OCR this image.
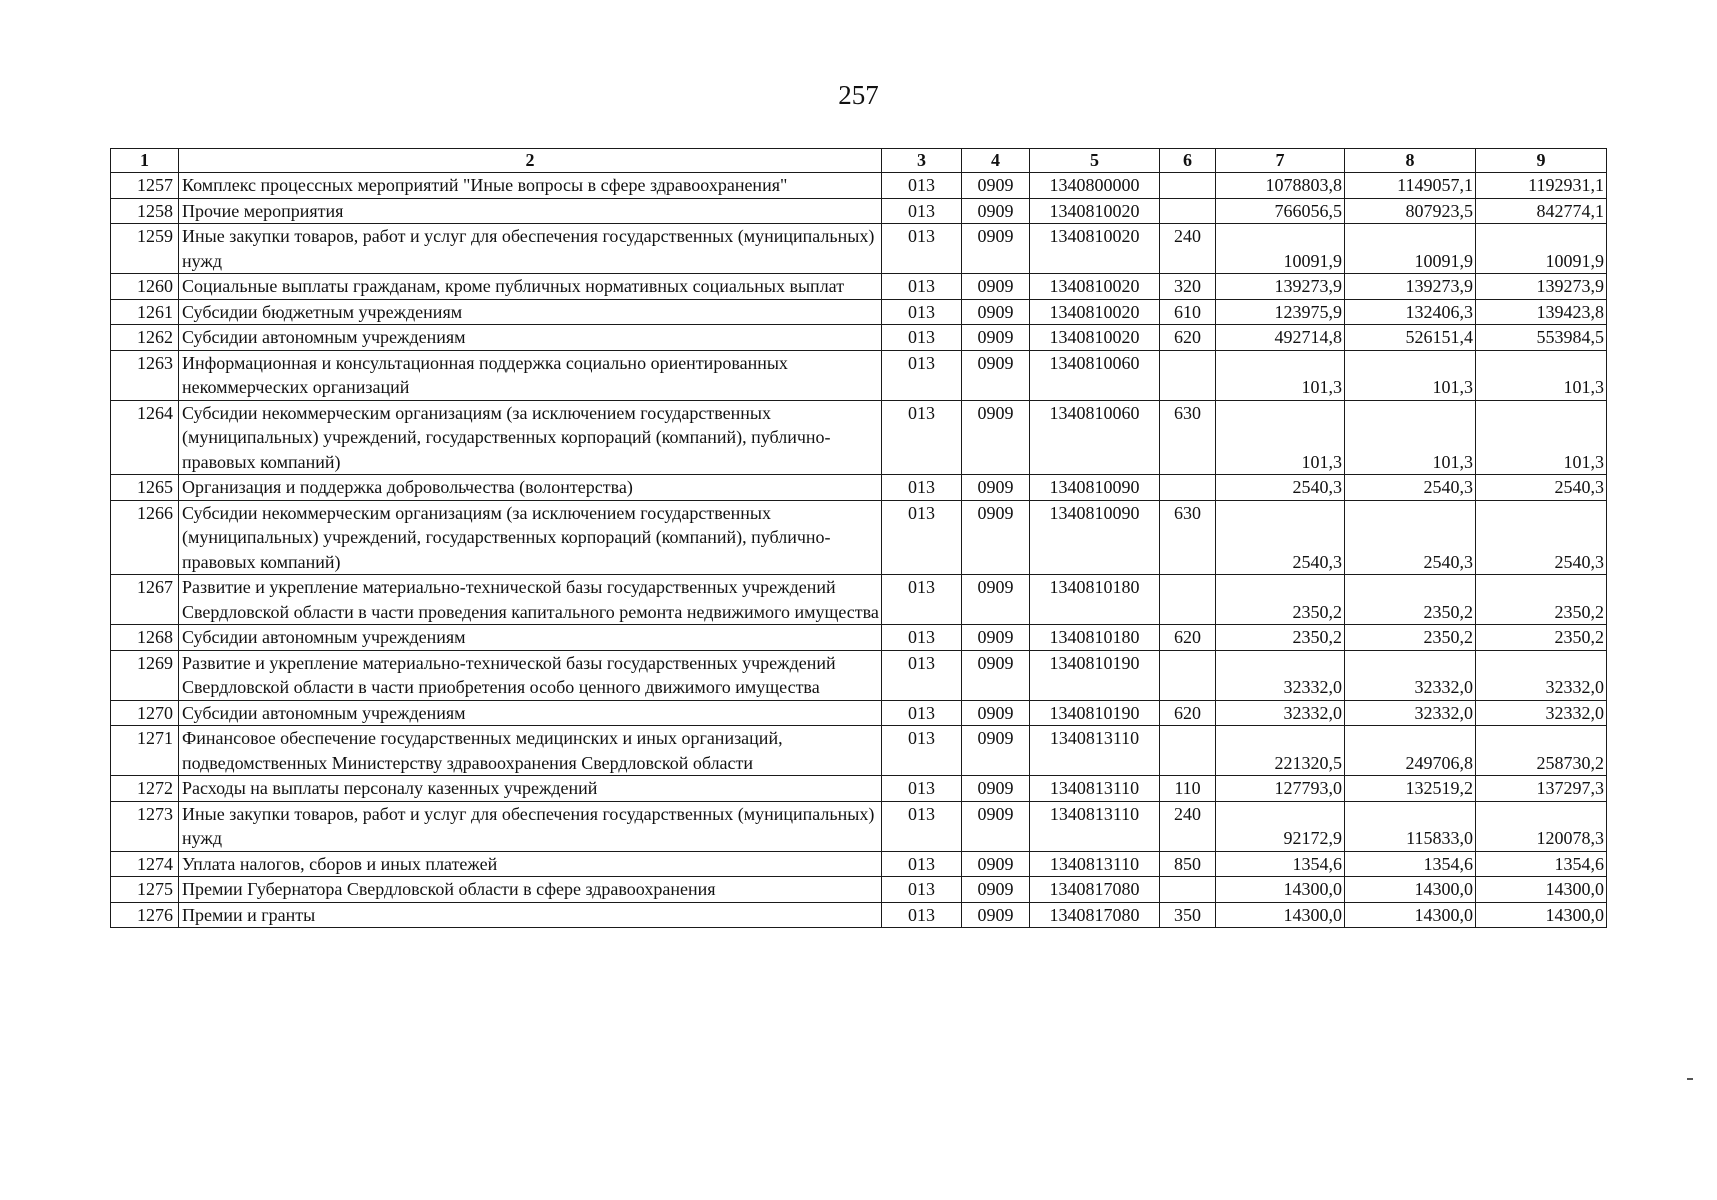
257
1	2	3	4	5	6	7	8	9
1257	Комплекс процессных мероприятий "Иные вопросы в сфере здравоохранения"	013	0909	1340800000		1078803,8	1149057,1	1192931,1
1258	Прочие мероприятия	013	0909	1340810020		766056,5	807923,5	842774,1
1259	Иные закупки товаров, работ и услуг для обеспечения государственных (муниципальных) нужд	013	0909	1340810020	240	10091,9	10091,9	10091,9
1260	Социальные выплаты гражданам, кроме публичных нормативных социальных выплат	013	0909	1340810020	320	139273,9	139273,9	139273,9
1261	Субсидии бюджетным учреждениям	013	0909	1340810020	610	123975,9	132406,3	139423,8
1262	Субсидии автономным учреждениям	013	0909	1340810020	620	492714,8	526151,4	553984,5
1263	Информационная и консультационная поддержка социально ориентированных некоммерческих организаций	013	0909	1340810060		101,3	101,3	101,3
1264	Субсидии некоммерческим организациям (за исключением государственных (муниципальных) учреждений, государственных корпораций (компаний), публично-правовых компаний)	013	0909	1340810060	630	101,3	101,3	101,3
1265	Организация и поддержка добровольчества (волонтерства)	013	0909	1340810090		2540,3	2540,3	2540,3
1266	Субсидии некоммерческим организациям (за исключением государственных (муниципальных) учреждений, государственных корпораций (компаний), публично-правовых компаний)	013	0909	1340810090	630	2540,3	2540,3	2540,3
1267	Развитие и укрепление материально-технической базы государственных учреждений Свердловской области в части проведения капитального ремонта недвижимого имущества	013	0909	1340810180		2350,2	2350,2	2350,2
1268	Субсидии автономным учреждениям	013	0909	1340810180	620	2350,2	2350,2	2350,2
1269	Развитие и укрепление материально-технической базы государственных учреждений Свердловской области в части приобретения особо ценного движимого имущества	013	0909	1340810190		32332,0	32332,0	32332,0
1270	Субсидии автономным учреждениям	013	0909	1340810190	620	32332,0	32332,0	32332,0
1271	Финансовое обеспечение государственных медицинских и иных организаций, подведомственных Министерству здравоохранения Свердловской области	013	0909	1340813110		221320,5	249706,8	258730,2
1272	Расходы на выплаты персоналу казенных учреждений	013	0909	1340813110	110	127793,0	132519,2	137297,3
1273	Иные закупки товаров, работ и услуг для обеспечения государственных (муниципальных) нужд	013	0909	1340813110	240	92172,9	115833,0	120078,3
1274	Уплата налогов, сборов и иных платежей	013	0909	1340813110	850	1354,6	1354,6	1354,6
1275	Премии Губернатора Свердловской области в сфере здравоохранения	013	0909	1340817080		14300,0	14300,0	14300,0
1276	Премии и гранты	013	0909	1340817080	350	14300,0	14300,0	14300,0
